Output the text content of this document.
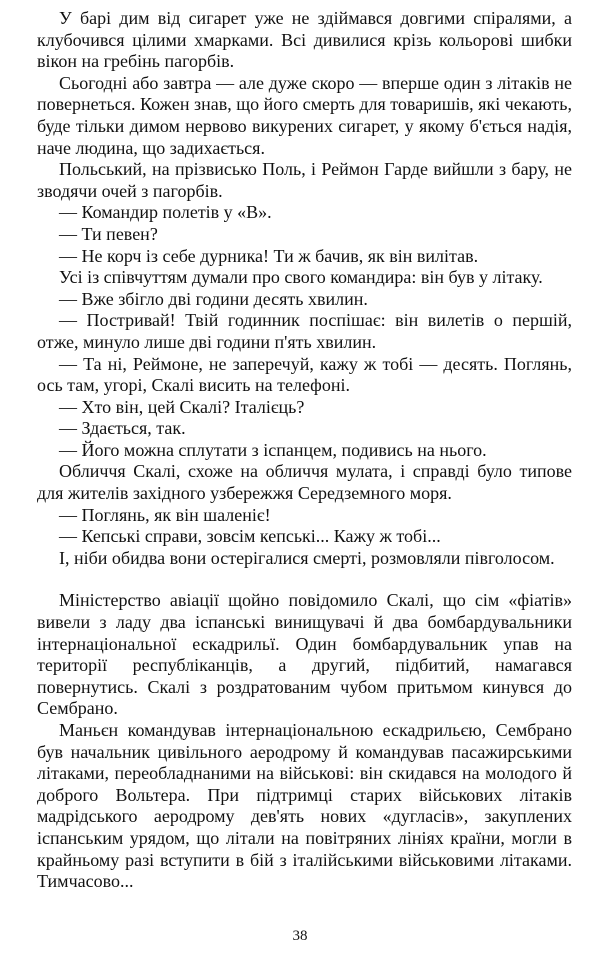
У барі дим від сигарет уже не здіймався довгими спіралями, а клубочився цілими хмарками. Всі дивилися крізь кольорові шибки вікон на гребінь пагорбів.

Сьогодні або завтра — але дуже скоро — вперше один з літаків не повернеться. Кожен знав, що його смерть для товаришів, які чекають, буде тільки димом нервово викурених сигарет, у якому б'ється надія, наче людина, що задихається.

Польський, на прізвисько Поль, і Реймон Гарде вийшли з бару, не зводячи очей з пагорбів.

— Командир полетів у «В».

— Ти певен?

— Не корч із себе дурника! Ти ж бачив, як він вилітав.

Усі із співчуттям думали про свого командира: він був у літаку.

— Вже збігло дві години десять хвилин.

— Постривай! Твій годинник поспішає: він вилетів о першій, отже, минуло лише дві години п'ять хвилин.

— Та ні, Реймоне, не заперечуй, кажу ж тобі — десять. Поглянь, ось там, угорі, Скалі висить на телефоні.

— Хто він, цей Скалі? Італієць?

— Здається, так.

— Його можна сплутати з іспанцем, подивись на нього.

Обличчя Скалі, схоже на обличчя мулата, і справді було типове для жителів західного узбережжя Середземного моря.

— Поглянь, як він шаленіє!

— Кепські справи, зовсім кепські... Кажу ж тобі...

І, ніби обидва вони остерігалися смерті, розмовляли півголосом.

Міністерство авіації щойно повідомило Скалі, що сім «фіатів» вивели з ладу два іспанські винищувачі й два бомбардувальники інтернаціональної ескадрильї. Один бомбардувальник упав на території республіканців, а другий, підбитий, намагався повернутись. Скалі з роздратованим чубом притьмом кинувся до Сембрано.

Маньєн командував інтернаціональною ескадрильєю, Сембрано був начальник цивільного аеродрому й командував пасажирськими літаками, переобладнаними на військові: він скидався на молодого й доброго Вольтера. При підтримці старих військових літаків мадрідського аеродрому дев'ять нових «дугласів», закуплених іспанським урядом, що літали на повітряних лініях країни, могли в крайньому разі вступити в бій з італійськими військовими літаками. Тимчасово...

38
